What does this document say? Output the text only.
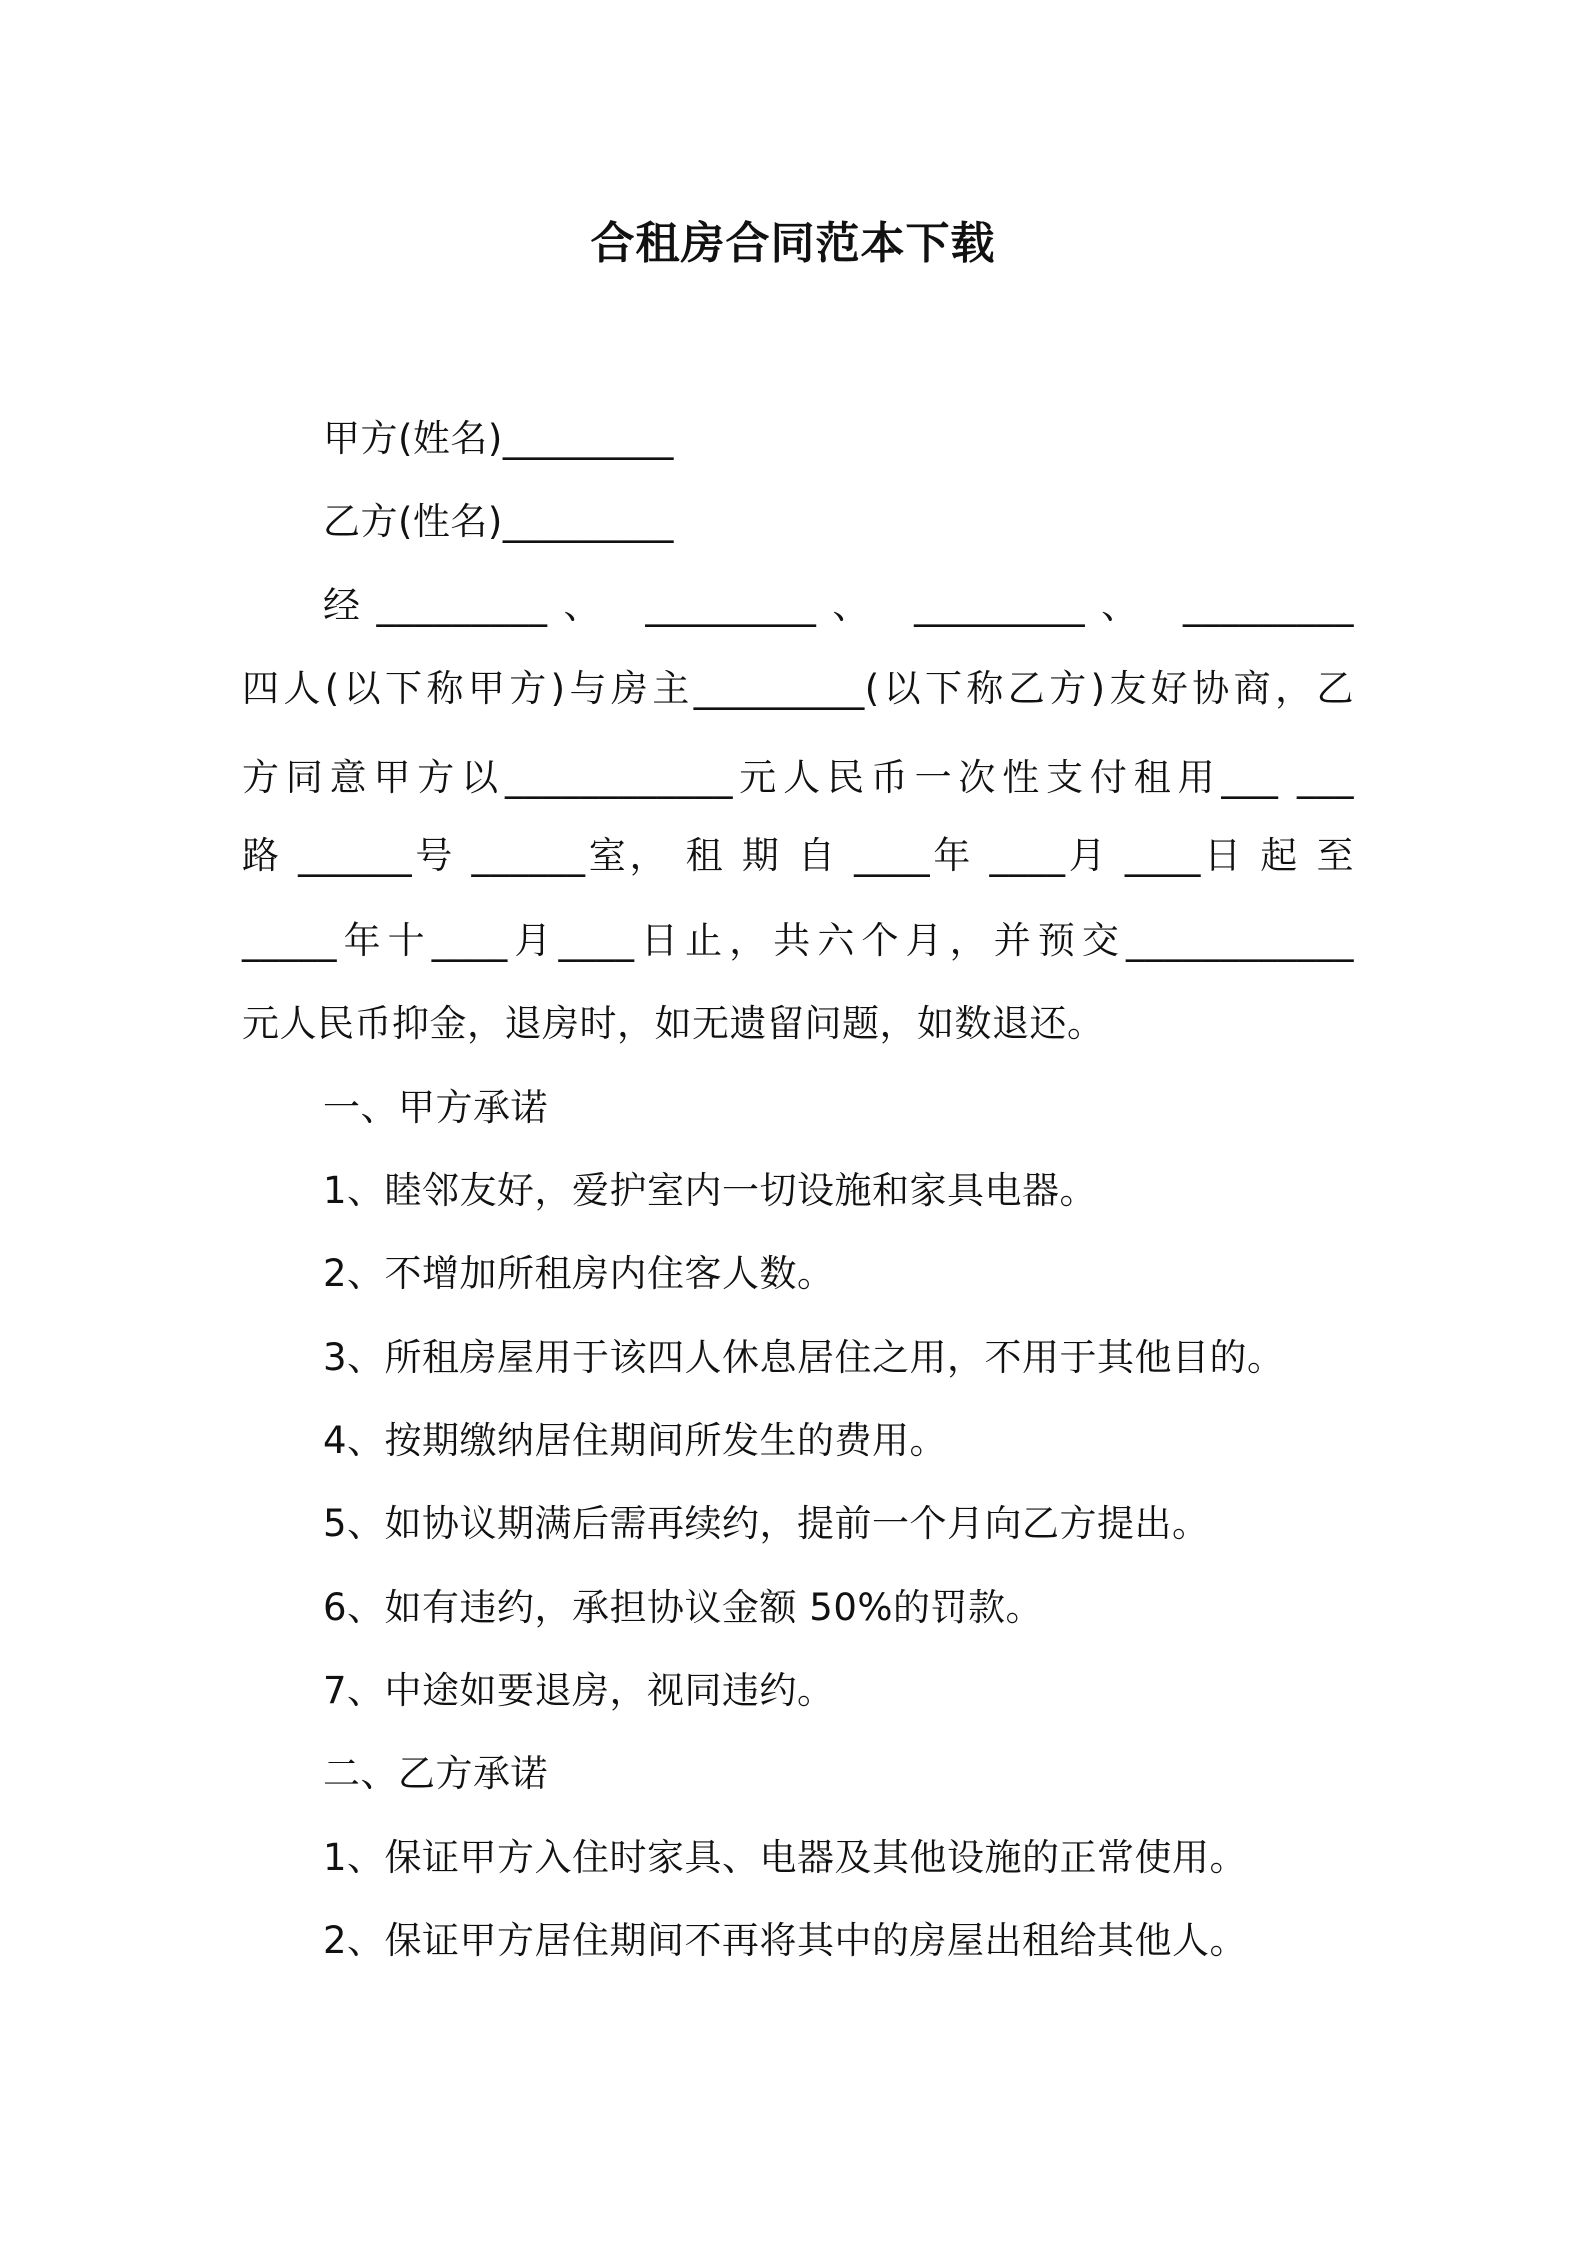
合租房合同范本下载
甲方(姓名)_________
乙方(性名)_________
经_________、 _________、 _________、 _________
四人(以下称甲方)与房主_________(以下称乙方)友好协商，乙
方同意甲方以____________元人民币一次性支付租用___ ___
路 ______号 ______室， 租 期 自 ____年 ____月 ____日 起 至
_____年十____月____日止，共六个月，并预交____________
元人民币抑金，退房时，如无遗留问题，如数退还。
一、甲方承诺
1、睦邻友好，爱护室内一切设施和家具电器。
2、不增加所租房内住客人数。
3、所租房屋用于该四人休息居住之用，不用于其他目的。
4、按期缴纳居住期间所发生的费用。
5、如协议期满后需再续约，提前一个月向乙方提出。
6、如有违约，承担协议金额 50%的罚款。
7、中途如要退房，视同违约。
二、乙方承诺
1、保证甲方入住时家具、电器及其他设施的正常使用。
2、保证甲方居住期间不再将其中的房屋出租给其他人。
